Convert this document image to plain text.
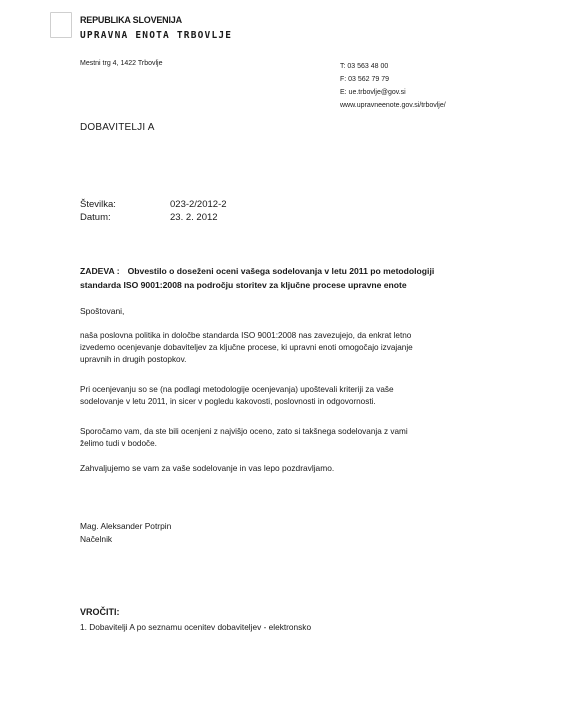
REPUBLIKA SLOVENIJA
UPRAVNA ENOTA TRBOVLJE
Mestni trg 4, 1422 Trbovlje	T: 03 563 48 00
F: 03 562 79 79
E: ue.trbovlje@gov.si
www.upravneenote.gov.si/trbovlje/
DOBAVITELJI A
Številka:	023-2/2012-2
Datum:	23. 2. 2012
ZADEVA : Obvestilo o doseženi oceni vašega sodelovanja v letu 2011 po metodologiji
standarda ISO 9001:2008 na področju storitev za ključne procese upravne enote
Spoštovani,
naša poslovna politika in določbe standarda ISO 9001:2008 nas zavezujejo, da enkrat letno
izvedemo ocenjevanje dobaviteljev za ključne procese, ki upravni enoti omogočajo izvajanje
upravnih in drugih postopkov.
Pri ocenjevanju so se (na podlagi metodologije ocenjevanja) upoštevali kriteriji za vaše
sodelovanje v letu 2011, in sicer v pogledu kakovosti, poslovnosti in odgovornosti.
Sporočamo vam, da ste bili ocenjeni z najvišjo oceno, zato si takšnega sodelovanja z vami
želimo tudi v bodoče.
Zahvaljujemo se vam za vaše sodelovanje in vas lepo pozdravljamo.
Mag. Aleksander Potrpin
Načelnik
VROČITI:
1. Dobavitelji A po seznamu ocenitev dobaviteljev - elektronsko
